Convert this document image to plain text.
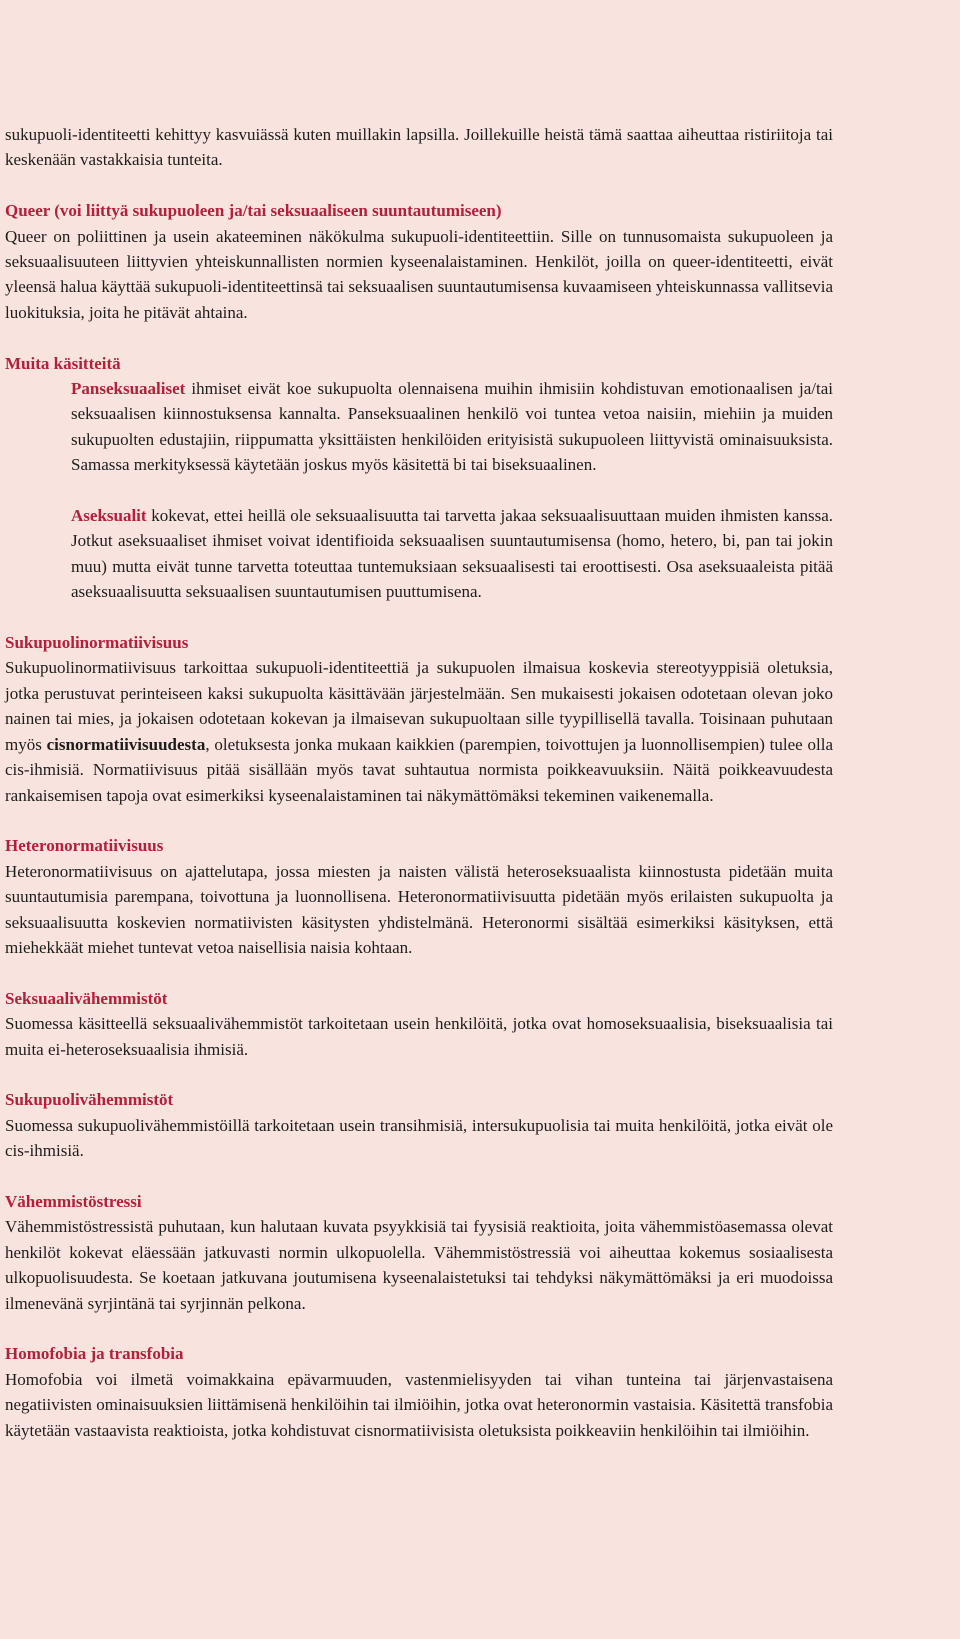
sukupuoli-identiteetti kehittyy kasvuiässä kuten muillakin lapsilla. Joillekuille heistä tämä saattaa aiheuttaa ristiriitoja tai keskenään vastakkaisia tunteita.

Queer (voi liittyä sukupuoleen ja/tai seksuaaliseen suuntautumiseen)

Queer on poliittinen ja usein akateeminen näkökulma sukupuoli-identiteettiin. Sille on tunnusomaista sukupuoleen ja seksuaalisuuteen liittyvien yhteiskunnallisten normien kyseenalaistaminen. Henkilöt, joilla on queer-identiteetti, eivät yleensä halua käyttää sukupuoli-identiteettinsä tai seksuaalisen suuntautumisensa kuvaamiseen yhteiskunnassa vallitsevia luokituksia, joita he pitävät ahtaina.

Muita käsitteitä

Panseksuaaliset ihmiset eivät koe sukupuolta olennaisena muihin ihmisiin kohdistuvan emotionaalisen ja/tai seksuaalisen kiinnostuksensa kannalta. Panseksuaalinen henkilö voi tuntea vetoa naisiin, miehiin ja muiden sukupuolten edustajiin, riippumatta yksittäisten henkilöiden erityisistä sukupuoleen liittyvistä ominaisuuksista. Samassa merkityksessä käytetään joskus myös käsitettä bi tai biseksuaalinen.

Aseksualit kokevat, ettei heillä ole seksuaalisuutta tai tarvetta jakaa seksuaalisuuttaan muiden ihmisten kanssa. Jotkut aseksuaaliset ihmiset voivat identifioida seksuaalisen suuntautumisensa (homo, hetero, bi, pan tai jokin muu) mutta eivät tunne tarvetta toteuttaa tuntemuksiaan seksuaalisesti tai eroottisesti. Osa aseksuaaleista pitää aseksuaalisuutta seksuaalisen suuntautumisen puuttumisena.

Sukupuolinormatiivisuus

Sukupuolinormatiivisuus tarkoittaa sukupuoli-identiteettiä ja sukupuolen ilmaisua koskevia stereotyyppisiä oletuksia, jotka perustuvat perinteiseen kaksi sukupuolta käsittävään järjestelmään. Sen mukaisesti jokaisen odotetaan olevan joko nainen tai mies, ja jokaisen odotetaan kokevan ja ilmaisevan sukupuoltaan sille tyypillisellä tavalla. Toisinaan puhutaan myös cisnormatiivisuudesta, oletuksesta jonka mukaan kaikkien (parempien, toivottujen ja luonnollisempien) tulee olla cis-ihmisiä. Normatiivisuus pitää sisällään myös tavat suhtautua normista poikkeavuuksiin. Näitä poikkeavuudesta rankaisemisen tapoja ovat esimerkiksi kyseenalaistaminen tai näkymättömäksi tekeminen vaikenemalla.

Heteronormatiivisuus

Heteronormatiivisuus on ajattelutapa, jossa miesten ja naisten välistä heteroseksuaalista kiinnostusta pidetään muita suuntautumisia parempana, toivottuna ja luonnollisena. Heteronormatiivisuutta pidetään myös erilaisten sukupuolta ja seksuaalisuutta koskevien normatiivisten käsitysten yhdistelmänä. Heteronormi sisältää esimerkiksi käsityksen, että miehekkäät miehet tuntevat vetoa naisellisia naisia kohtaan.

Seksuaalivähemmistöt

Suomessa käsitteellä seksuaalivähemmistöt tarkoitetaan usein henkilöitä, jotka ovat homoseksuaalisia, biseksuaalisia tai muita ei-heteroseksuaalisia ihmisiä.

Sukupuolivähemmistöt

Suomessa sukupuolivähemmistöillä tarkoitetaan usein transihmisiä, intersukupuolisia tai muita henkilöitä, jotka eivät ole cis-ihmisiä.

Vähemmistöstressi

Vähemmistöstressistä puhutaan, kun halutaan kuvata psyykkisiä tai fyysisiä reaktioita, joita vähemmistöasemassa olevat henkilöt kokevat eläessään jatkuvasti normin ulkopuolella. Vähemmistöstressiä voi aiheuttaa kokemus sosiaalisesta ulkopuolisuudesta. Se koetaan jatkuvana joutumisena kyseenalaistetuksi tai tehdyksi näkymättömäksi ja eri muodoissa ilmenevänä syrjintänä tai syrjinnän pelkona.

Homofobia ja transfobia

Homofobia voi ilmetä voimakkaina epävarmuuden, vastenmielisyyden tai vihan tunteina tai järjenvastaisena negatiivisten ominaisuuksien liittämisenä henkilöihin tai ilmiöihin, jotka ovat heteronormin vastaisia. Käsitettä transfobia käytetään vastaavista reaktioista, jotka kohdistuvat cisnormatiivisista oletuksista poikkeaviin henkilöihin tai ilmiöihin.
